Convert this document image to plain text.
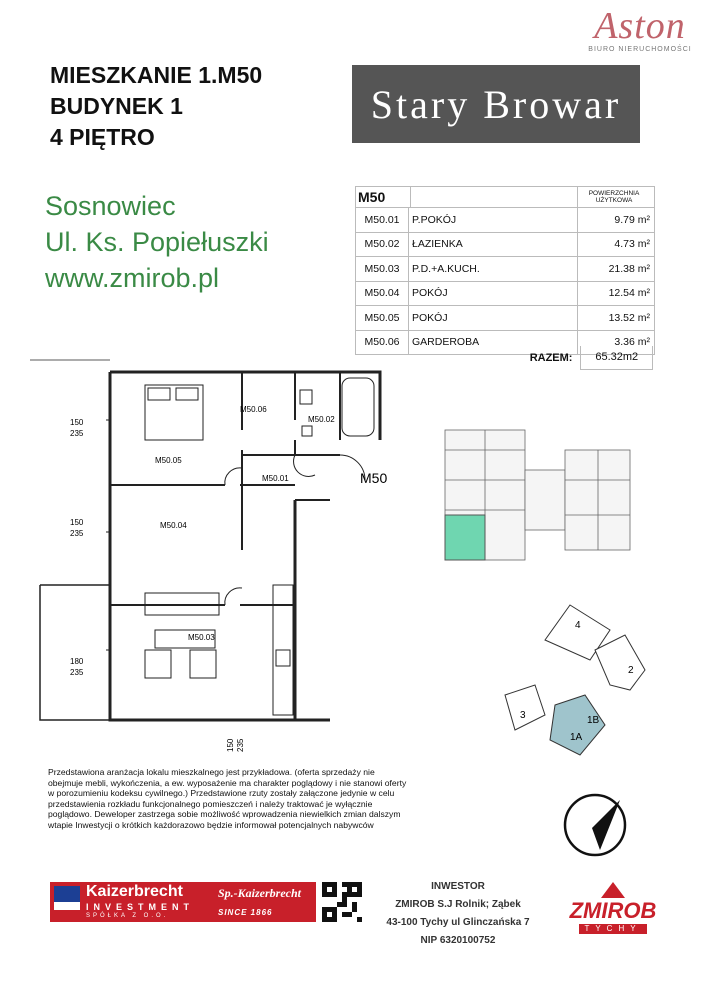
Aston
BIURO NIERUCHOMOŚCI
MIESZKANIE 1.M50
BUDYNEK 1
4 PIĘTRO
Stary Browar
Sosnowiec
Ul. Ks. Popiełuszki
www.zmirob.pl
M50	POWIERZCHNIA UŻYTKOWA
M50.01	P.POKÓJ	9.79 m²
M50.02	ŁAZIENKA	4.73 m²
M50.03	P.D.+A.KUCH.	21.38 m²
M50.04	POKÓJ	12.54 m²
M50.05	POKÓJ	13.52 m²
M50.06	GARDEROBA	3.36 m²
RAZEM:	65.32m2
M50.05
M50.06
M50.02
M50.01
M50.04
M50.03
M50
150
235
150
235
180
235
150 235
4
2
3	1B
1A
Przedstawiona aranżacja lokalu mieszkalnego jest przykładowa. (oferta sprzedaży nie obejmuje mebli, wykończenia, a ew. wyposażenie ma charakter poglądowy i nie stanowi oferty w porozumieniu kodeksu cywilnego.) Przedstawione rzuty zostały załączone jedynie w celu przedstawienia rozkładu funkcjonalnego pomieszczeń i należy traktować je wyłącznie poglądowo. Deweloper zastrzega sobie możliwość wprowadzenia niewielkich zmian dalszym wtapie Inwestycji o krótkich każdorazowo będzie informował potencjalnych nabywców
Kaizerbrecht
INVESTMENT
SPÓŁKA Z O.O.
Sp.-Kaizerbrecht
SINCE 1866
INWESTOR
ZMIROB S.J Rolnik; Ząbek
43-100 Tychy ul Glinczańska 7
NIP 6320100752
ZMIROB
TYCHY
